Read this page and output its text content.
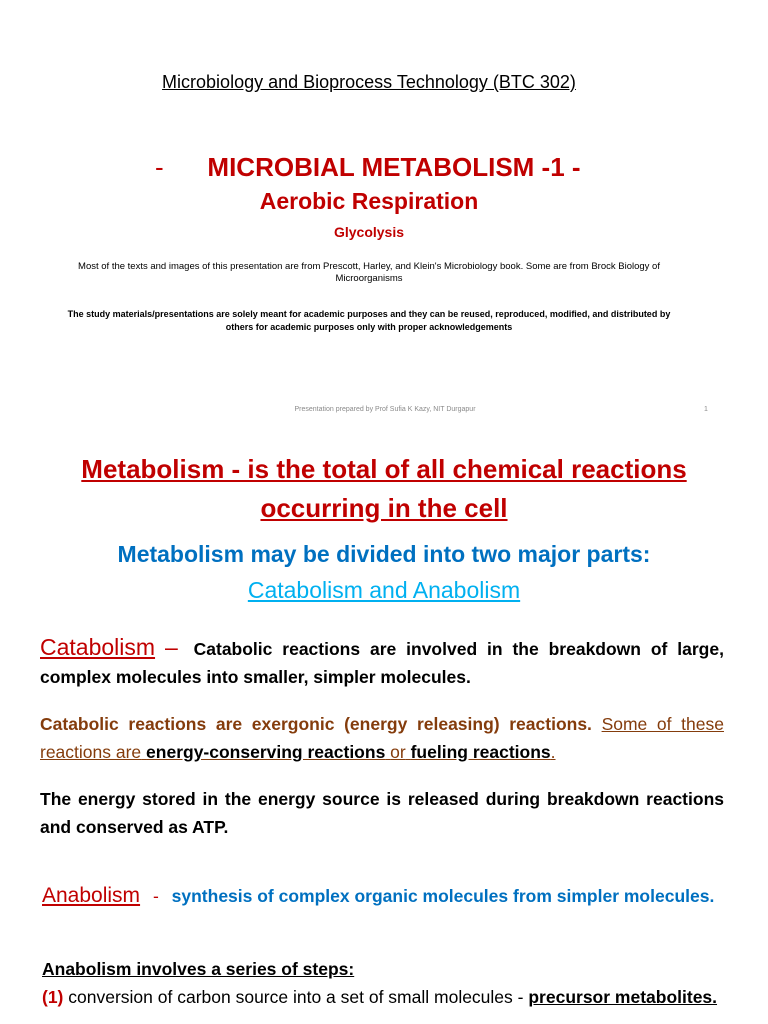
Microbiology and Bioprocess Technology (BTC 302)
- MICROBIAL METABOLISM -1 -
Aerobic Respiration
Glycolysis
Most of the texts and images of this presentation are from Prescott, Harley, and Klein's Microbiology book. Some are from Brock Biology of Microorganisms
The study materials/presentations are solely meant for academic purposes and they can be reused, reproduced, modified, and distributed by others for academic purposes only with proper acknowledgements
Presentation prepared by Prof Sufia K Kazy, NIT Durgapur	1
Metabolism - is the total of all chemical reactions
occurring in the cell
Metabolism may be divided into two major parts:
Catabolism and Anabolism
Catabolism – Catabolic reactions are involved in the breakdown of large, complex molecules into smaller, simpler molecules.
Catabolic reactions are exergonic (energy releasing) reactions. Some of these reactions are energy-conserving reactions or fueling reactions.
The energy stored in the energy source is released during breakdown reactions and conserved as ATP.
Anabolism - synthesis of complex organic molecules from simpler molecules.
Anabolism involves a series of steps:
(1) conversion of carbon source into a set of small molecules - precursor metabolites.
